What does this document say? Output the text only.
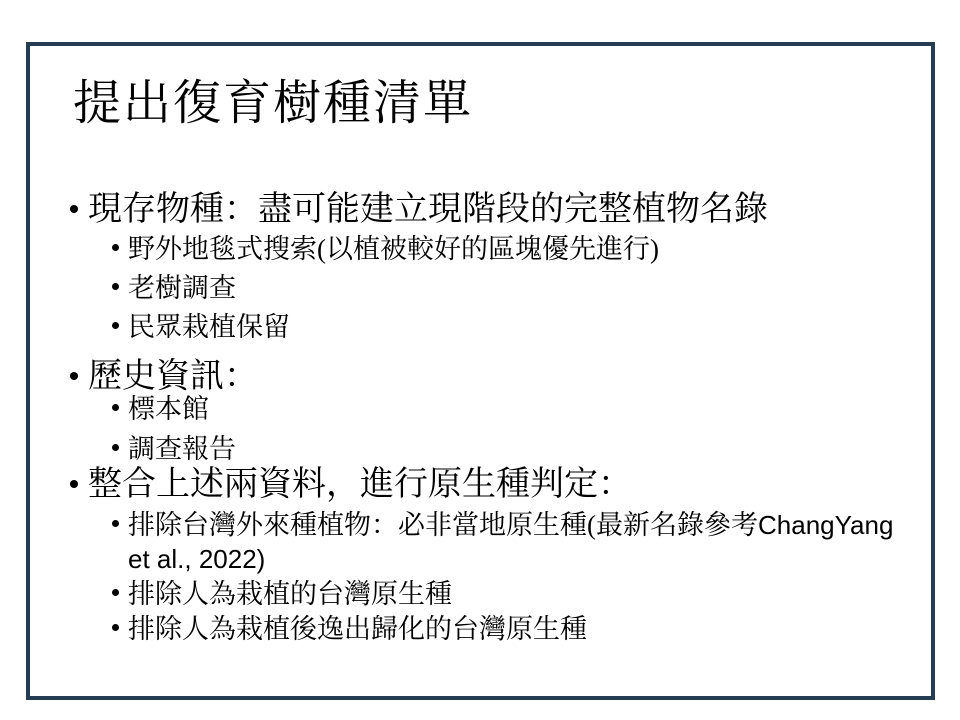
提出復育樹種清單
現存物種：盡可能建立現階段的完整植物名錄
野外地毯式搜索(以植被較好的區塊優先進行)
老樹調查
民眾栽植保留
歷史資訊：
標本館
調查報告
整合上述兩資料，進行原生種判定：
排除台灣外來種植物：必非當地原生種(最新名錄參考ChangYang
et al., 2022)
排除人為栽植的台灣原生種
排除人為栽植後逸出歸化的台灣原生種
